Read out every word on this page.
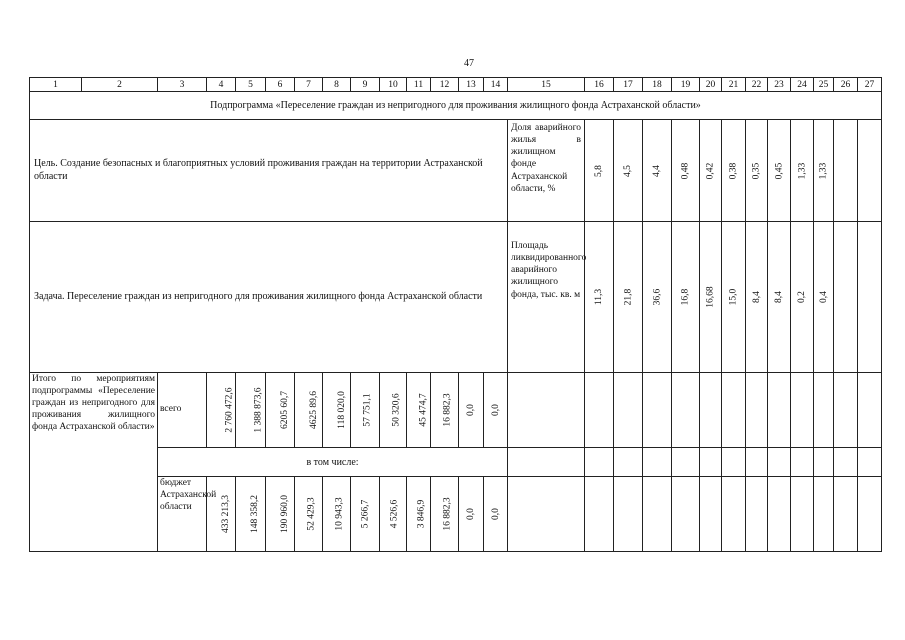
47
1	2	3	4	5	6	7	8	9	10	11	12	13	14	15	16	17	18	19	20	21	22	23	24	25	26	27
Подпрограмма «Переселение граждан из непригодного для проживания жилищного фонда Астраханской области»																										
Цель. Создание безопасных и благоприятных условий проживания граждан на территории Астраханской области														Доля аварийного жилья в жилищном фонде Астраханской области, %	5,8	4,5	4,4	0,48	0,42	0,38	0,35	0,45	1,33	1,33		
Задача. Переселение граждан из непригодного для проживания жилищного фонда Астраханской области														Площадь ликвидированного аварийного жилищного фонда, тыс. кв. м	11,3	21,8	36,6	16,8	16,68	15,0	8,4	8,4	0,2	0,4		
Итого по мероприятиям подпрограммы «Переселение граждан из непригодного для проживания жилищного фонда Астраханской области»		всего	2 760 472,6	1 388 873,6	6205 60,7	4625 89,6	118 020,0	57 751,1	50 320,6	45 474,7	16 882,3	0,0	0,0													
		в том числе:																								
		бюджет Астраханской области	433 213,3	148 358,2	190 960,0	52 429,3	10 943,3	5 266,7	4 526,6	3 846,9	16 882,3	0,0	0,0													
